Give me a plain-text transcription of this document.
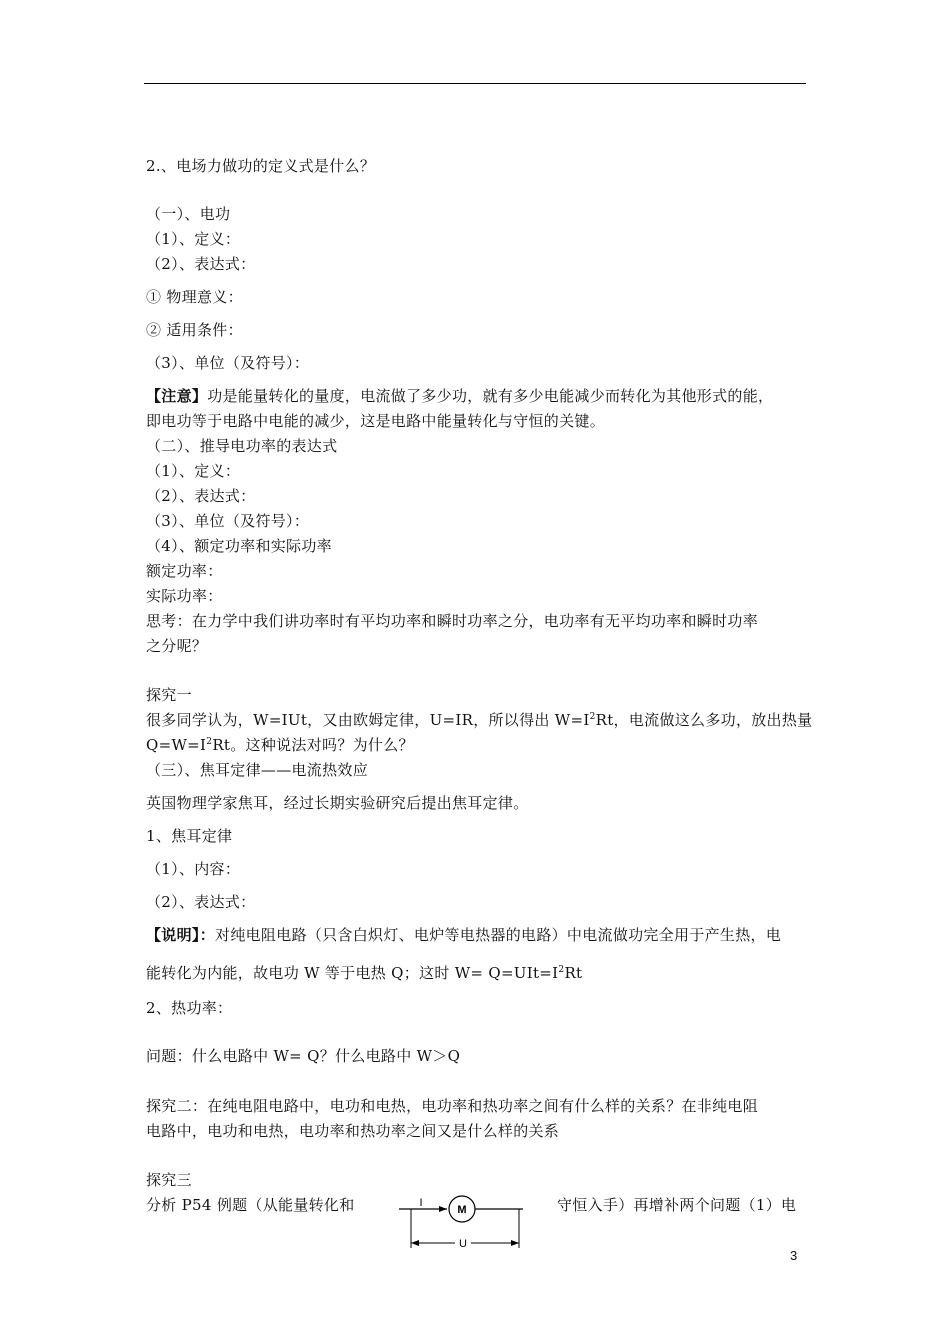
2.、电场力做功的定义式是什么？
（一）、电功
（1）、定义：
（2）、表达式：
① 物理意义：
② 适用条件：
（3）、单位（及符号）：
【注意】功是能量转化的量度，电流做了多少功，就有多少电能减少而转化为其他形式的能，
即电功等于电路中电能的减少，这是电路中能量转化与守恒的关键。
（二）、推导电功率的表达式
（1）、定义：
（2）、表达式：
（3）、单位（及符号）：
（4）、额定功率和实际功率
额定功率：
实际功率：
思考：在力学中我们讲功率时有平均功率和瞬时功率之分，电功率有无平均功率和瞬时功率
之分呢？
探究一
很多同学认为，W=IUt，又由欧姆定律，U=IR，所以得出 $W=I^2Rt$，电流做这么多功，放出热量
$Q=W=I^2Rt$。这种说法对吗？为什么？
（三）、焦耳定律——电流热效应
英国物理学家焦耳，经过长期实验研究后提出焦耳定律。
1、焦耳定律
（1）、内容：
（2）、表达式：
【说明】：对纯电阻电路（只含白炽灯、电炉等电热器的电路）中电流做功完全用于产生热，电
能转化为内能，故电功 W 等于电热 Q；这时 $W= Q=UIt=I^2Rt$
2、热功率：
问题：什么电路中 W= Q？什么电路中 W＞Q
探究二：在纯电阻电路中，电功和电热，电功率和热功率之间有什么样的关系？在非纯电阻
电路中，电功和电热，电功率和热功率之间又是什么样的关系
探究三
分析 P54 例题（从能量转化和	守恒入手）再增补两个问题（1）电
I
M
U
3
